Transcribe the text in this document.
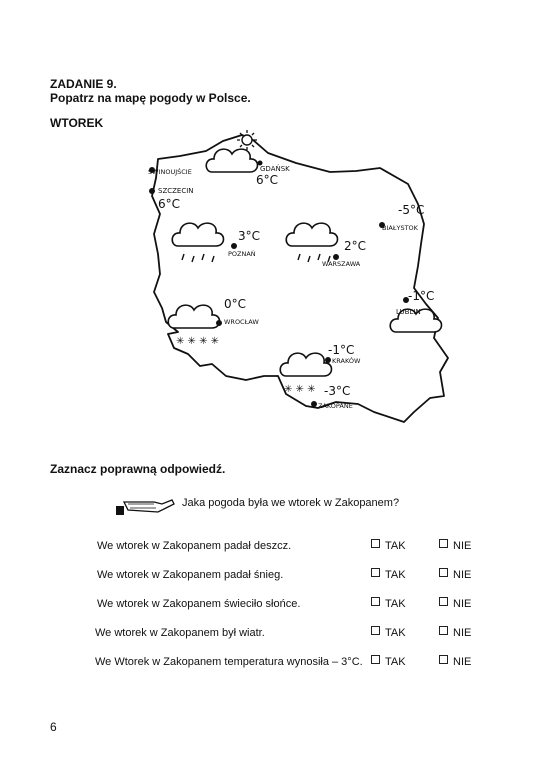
ZADANIE 9.
Popatrz na mapę pogody w Polsce.
WTOREK
✳ ✳ ✳ ✳
✳ ✳ ✳
ŚWINOUJŚCIE	GDAŃSK
6°C
SZCZECIN
6°C
POZNAŃ
3°C
WARSZAWA
2°C
BIAŁYSTOK
-5°C
WROCŁAW
0°C
LUBLIN
-1°C
KRAKÓW
-1°C
ZAKOPANE
-3°C
Zaznacz poprawną odpowiedź.
Jaka pogoda była we wtorek w Zakopanem?
We wtorek w Zakopanem padał deszcz.	TAK	NIE
We wtorek w Zakopanem padał śnieg.	TAK	NIE
We wtorek w Zakopanem świeciło słońce.	TAK	NIE
We wtorek w Zakopanem był wiatr.	TAK	NIE
We Wtorek w Zakopanem temperatura wynosiła – 3°C.	TAK	NIE
6
